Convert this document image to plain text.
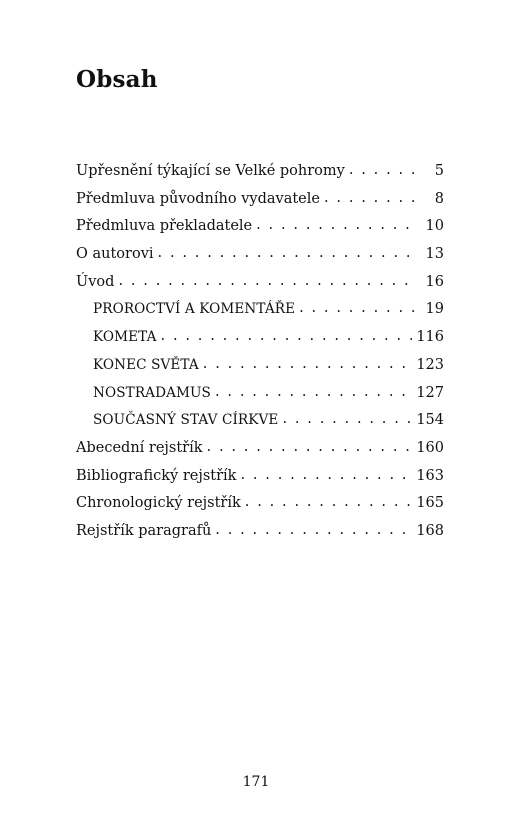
Obsah
Upřesnění týkající se Velké pohromy . . .	5
Předmluva původního vydavatele . . .	8
Předmluva překladatele . . .	10
O autorovi . . .	13
Úvod . . .	16
PROROCTVÍ A KOMENTÁŘE . . .	19
KOMETA . . .	116
KONEC SVĚTA . . .	123
NOSTRADAMUS . . .	127
SOUČASNÝ STAV CÍRKVE . . .	154
Abecední rejstřík . . .	160
Bibliografický rejstřík . . .	163
Chronologický rejstřík . . .	165
Rejstřík paragrafů . . .	168
171
